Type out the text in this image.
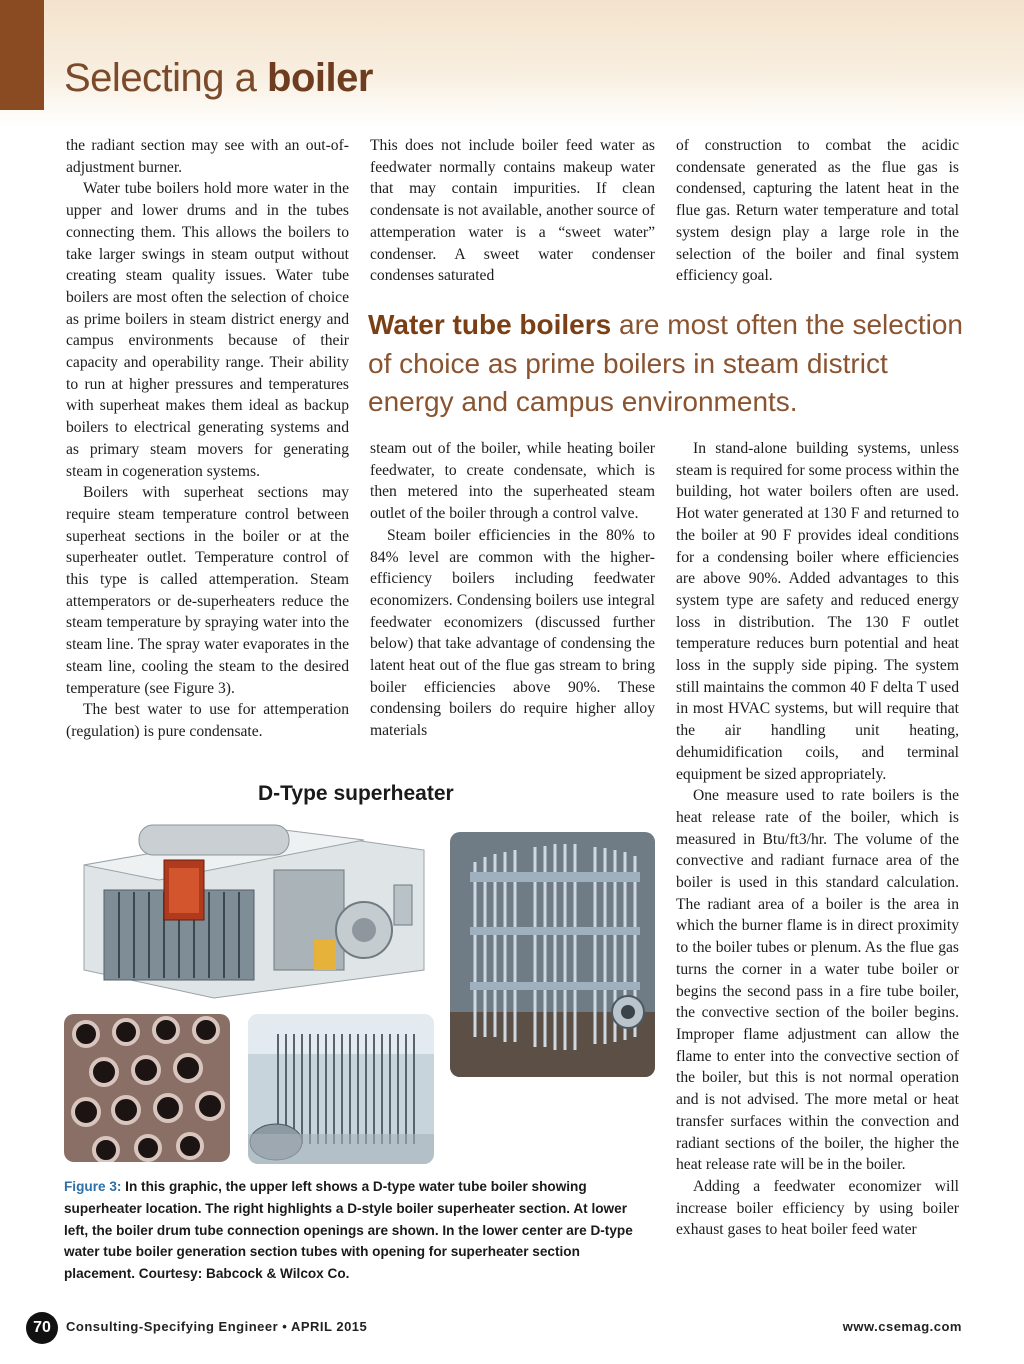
Selecting a boiler

the radiant section may see with an out-of-adjustment burner.

Water tube boilers hold more water in the upper and lower drums and in the tubes connecting them. This allows the boilers to take larger swings in steam output without creating steam quality issues. Water tube boilers are most often the selection of choice as prime boilers in steam district energy and campus environments because of their capacity and operability range. Their ability to run at higher pressures and temperatures with superheat makes them ideal as backup boilers to electrical generating systems and as primary steam movers for generating steam in cogeneration systems.

Boilers with superheat sections may require steam temperature control between superheat sections in the boiler or at the superheater outlet. Temperature control of this type is called attemperation. Steam attemperators or de-superheaters reduce the steam temperature by spraying water into the steam line. The spray water evaporates in the steam line, cooling the steam to the desired temperature (see Figure 3).

The best water to use for attemperation (regulation) is pure condensate.

This does not include boiler feed water as feedwater normally contains makeup water that may contain impurities. If clean condensate is not available, another source of attemperation water is a “sweet water” condenser. A sweet water condenser condenses saturated

of construction to combat the acidic condensate generated as the flue gas is condensed, capturing the latent heat in the flue gas. Return water temperature and total system design play a large role in the selection of the boiler and final system efficiency goal.

Water tube boilers are most often the selection of choice as prime boilers in steam district energy and campus environments.

steam out of the boiler, while heating boiler feedwater, to create condensate, which is then metered into the superheated steam outlet of the boiler through a control valve.

Steam boiler efficiencies in the 80% to 84% level are common with the higher-efficiency boilers including feedwater economizers. Condensing boilers use integral feedwater economizers (discussed further below) that take advantage of condensing the latent heat out of the flue gas stream to bring boiler efficiencies above 90%. These condensing boilers do require higher alloy materials

In stand-alone building systems, unless steam is required for some process within the building, hot water boilers often are used. Hot water generated at 130 F and returned to the boiler at 90 F provides ideal conditions for a condensing boiler where efficiencies are above 90%. Added advantages to this system type are safety and reduced energy loss in distribution. The 130 F outlet temperature reduces burn potential and heat loss in the supply side piping. The system still maintains the common 40 F delta T used in most HVAC systems, but will require that the air handling unit heating, dehumidification coils, and terminal equipment be sized appropriately.

One measure used to rate boilers is the heat release rate of the boiler, which is measured in Btu/ft3/hr. The volume of the convective and radiant furnace area of the boiler is used in this standard calculation. The radiant area of a boiler is the area in which the burner flame is in direct proximity to the boiler tubes or plenum. As the flue gas turns the corner in a water tube boiler or begins the second pass in a fire tube boiler, the convective section of the boiler begins. Improper flame adjustment can allow the flame to enter into the convective section of the boiler, but this is not normal operation and is not advised. The more metal or heat transfer surfaces within the convection and radiant sections of the boiler, the higher the heat release rate will be in the boiler.

Adding a feedwater economizer will increase boiler efficiency by using boiler exhaust gases to heat boiler feed water

D-Type superheater

Figure 3: In this graphic, the upper left shows a D-type water tube boiler showing superheater location. The right highlights a D-style boiler superheater section. At lower left, the boiler drum tube connection openings are shown. In the lower center are D-type water tube boiler generation section tubes with opening for superheater section placement. Courtesy: Babcock & Wilcox Co.

70	Consulting-Specifying Engineer • APRIL 2015	www.csemag.com
